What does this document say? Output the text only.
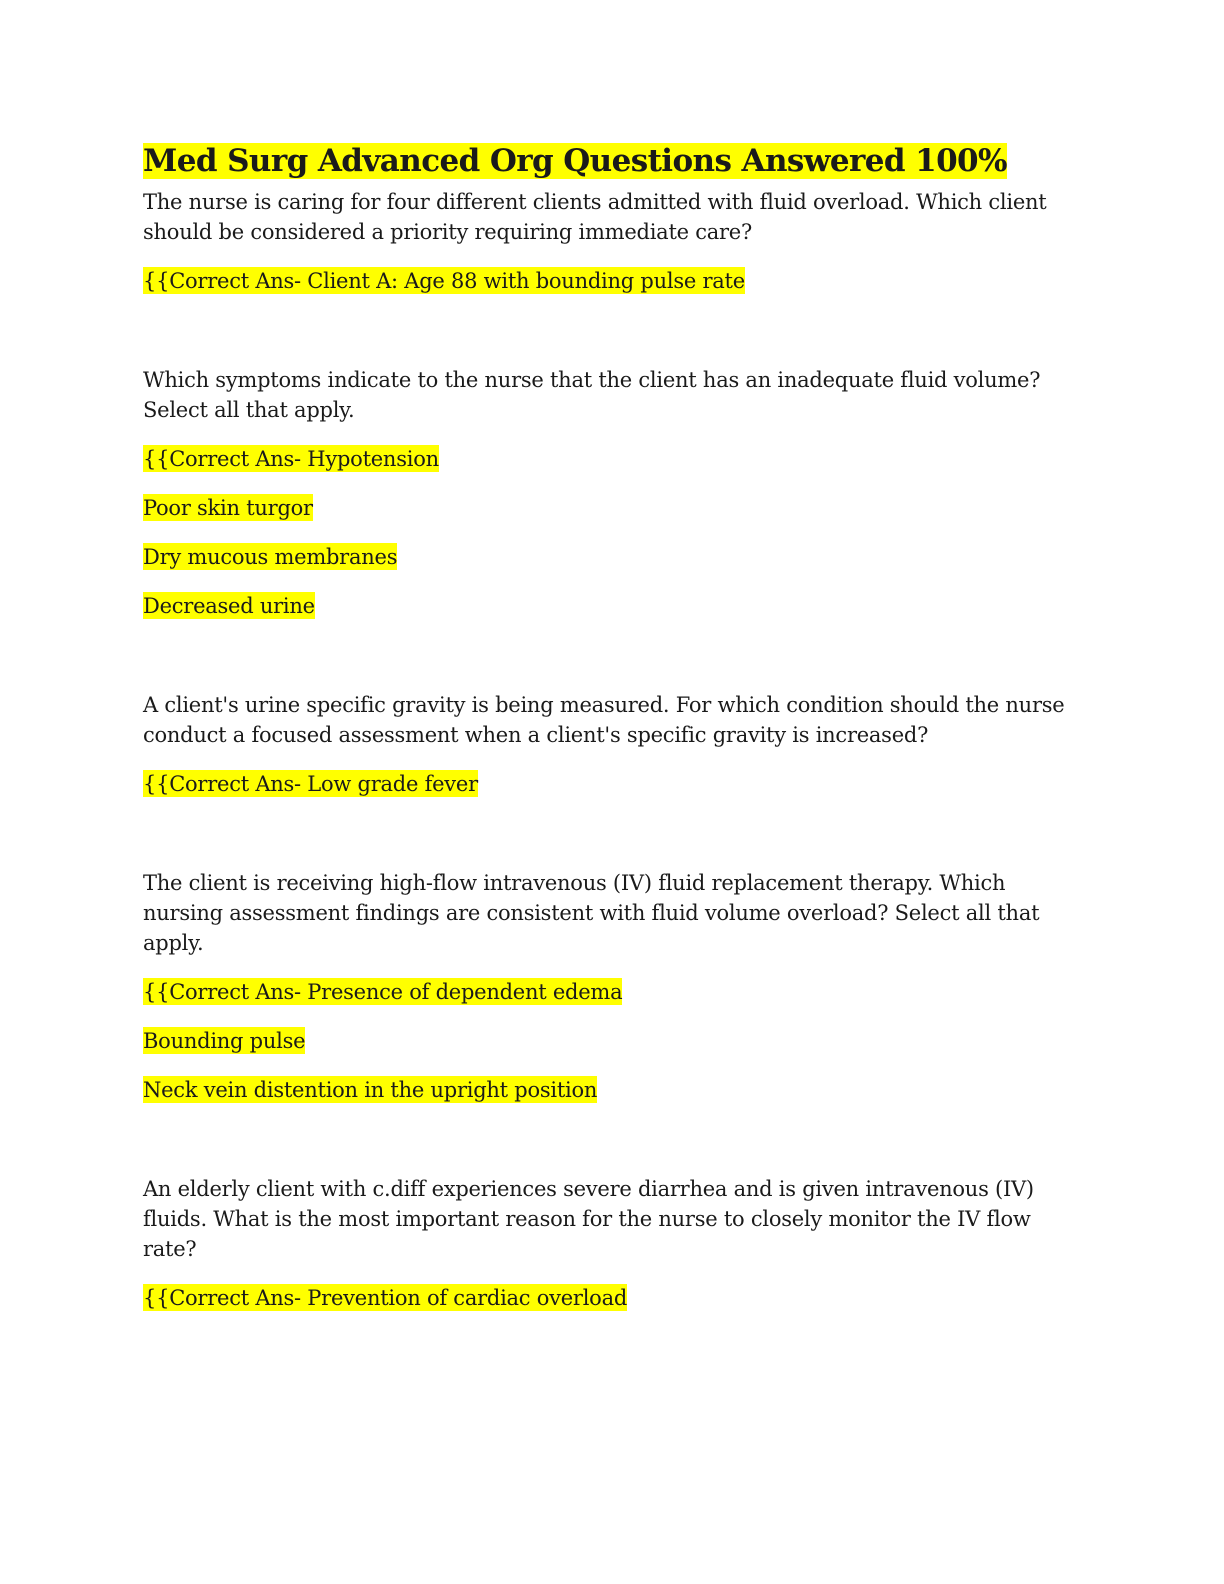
Med Surg Advanced Org Questions Answered 100%

The nurse is caring for four different clients admitted with fluid overload. Which client should be considered a priority requiring immediate care?

{{Correct Ans- Client A: Age 88 with bounding pulse rate

Which symptoms indicate to the nurse that the client has an inadequate fluid volume? Select all that apply.

{{Correct Ans- Hypotension

Poor skin turgor

Dry mucous membranes

Decreased urine

A client's urine specific gravity is being measured. For which condition should the nurse conduct a focused assessment when a client's specific gravity is increased?

{{Correct Ans- Low grade fever

The client is receiving high-flow intravenous (IV) fluid replacement therapy. Which nursing assessment findings are consistent with fluid volume overload? Select all that apply.

{{Correct Ans- Presence of dependent edema

Bounding pulse

Neck vein distention in the upright position

An elderly client with c.diff experiences severe diarrhea and is given intravenous (IV) fluids. What is the most important reason for the nurse to closely monitor the IV flow rate?

{{Correct Ans- Prevention of cardiac overload
